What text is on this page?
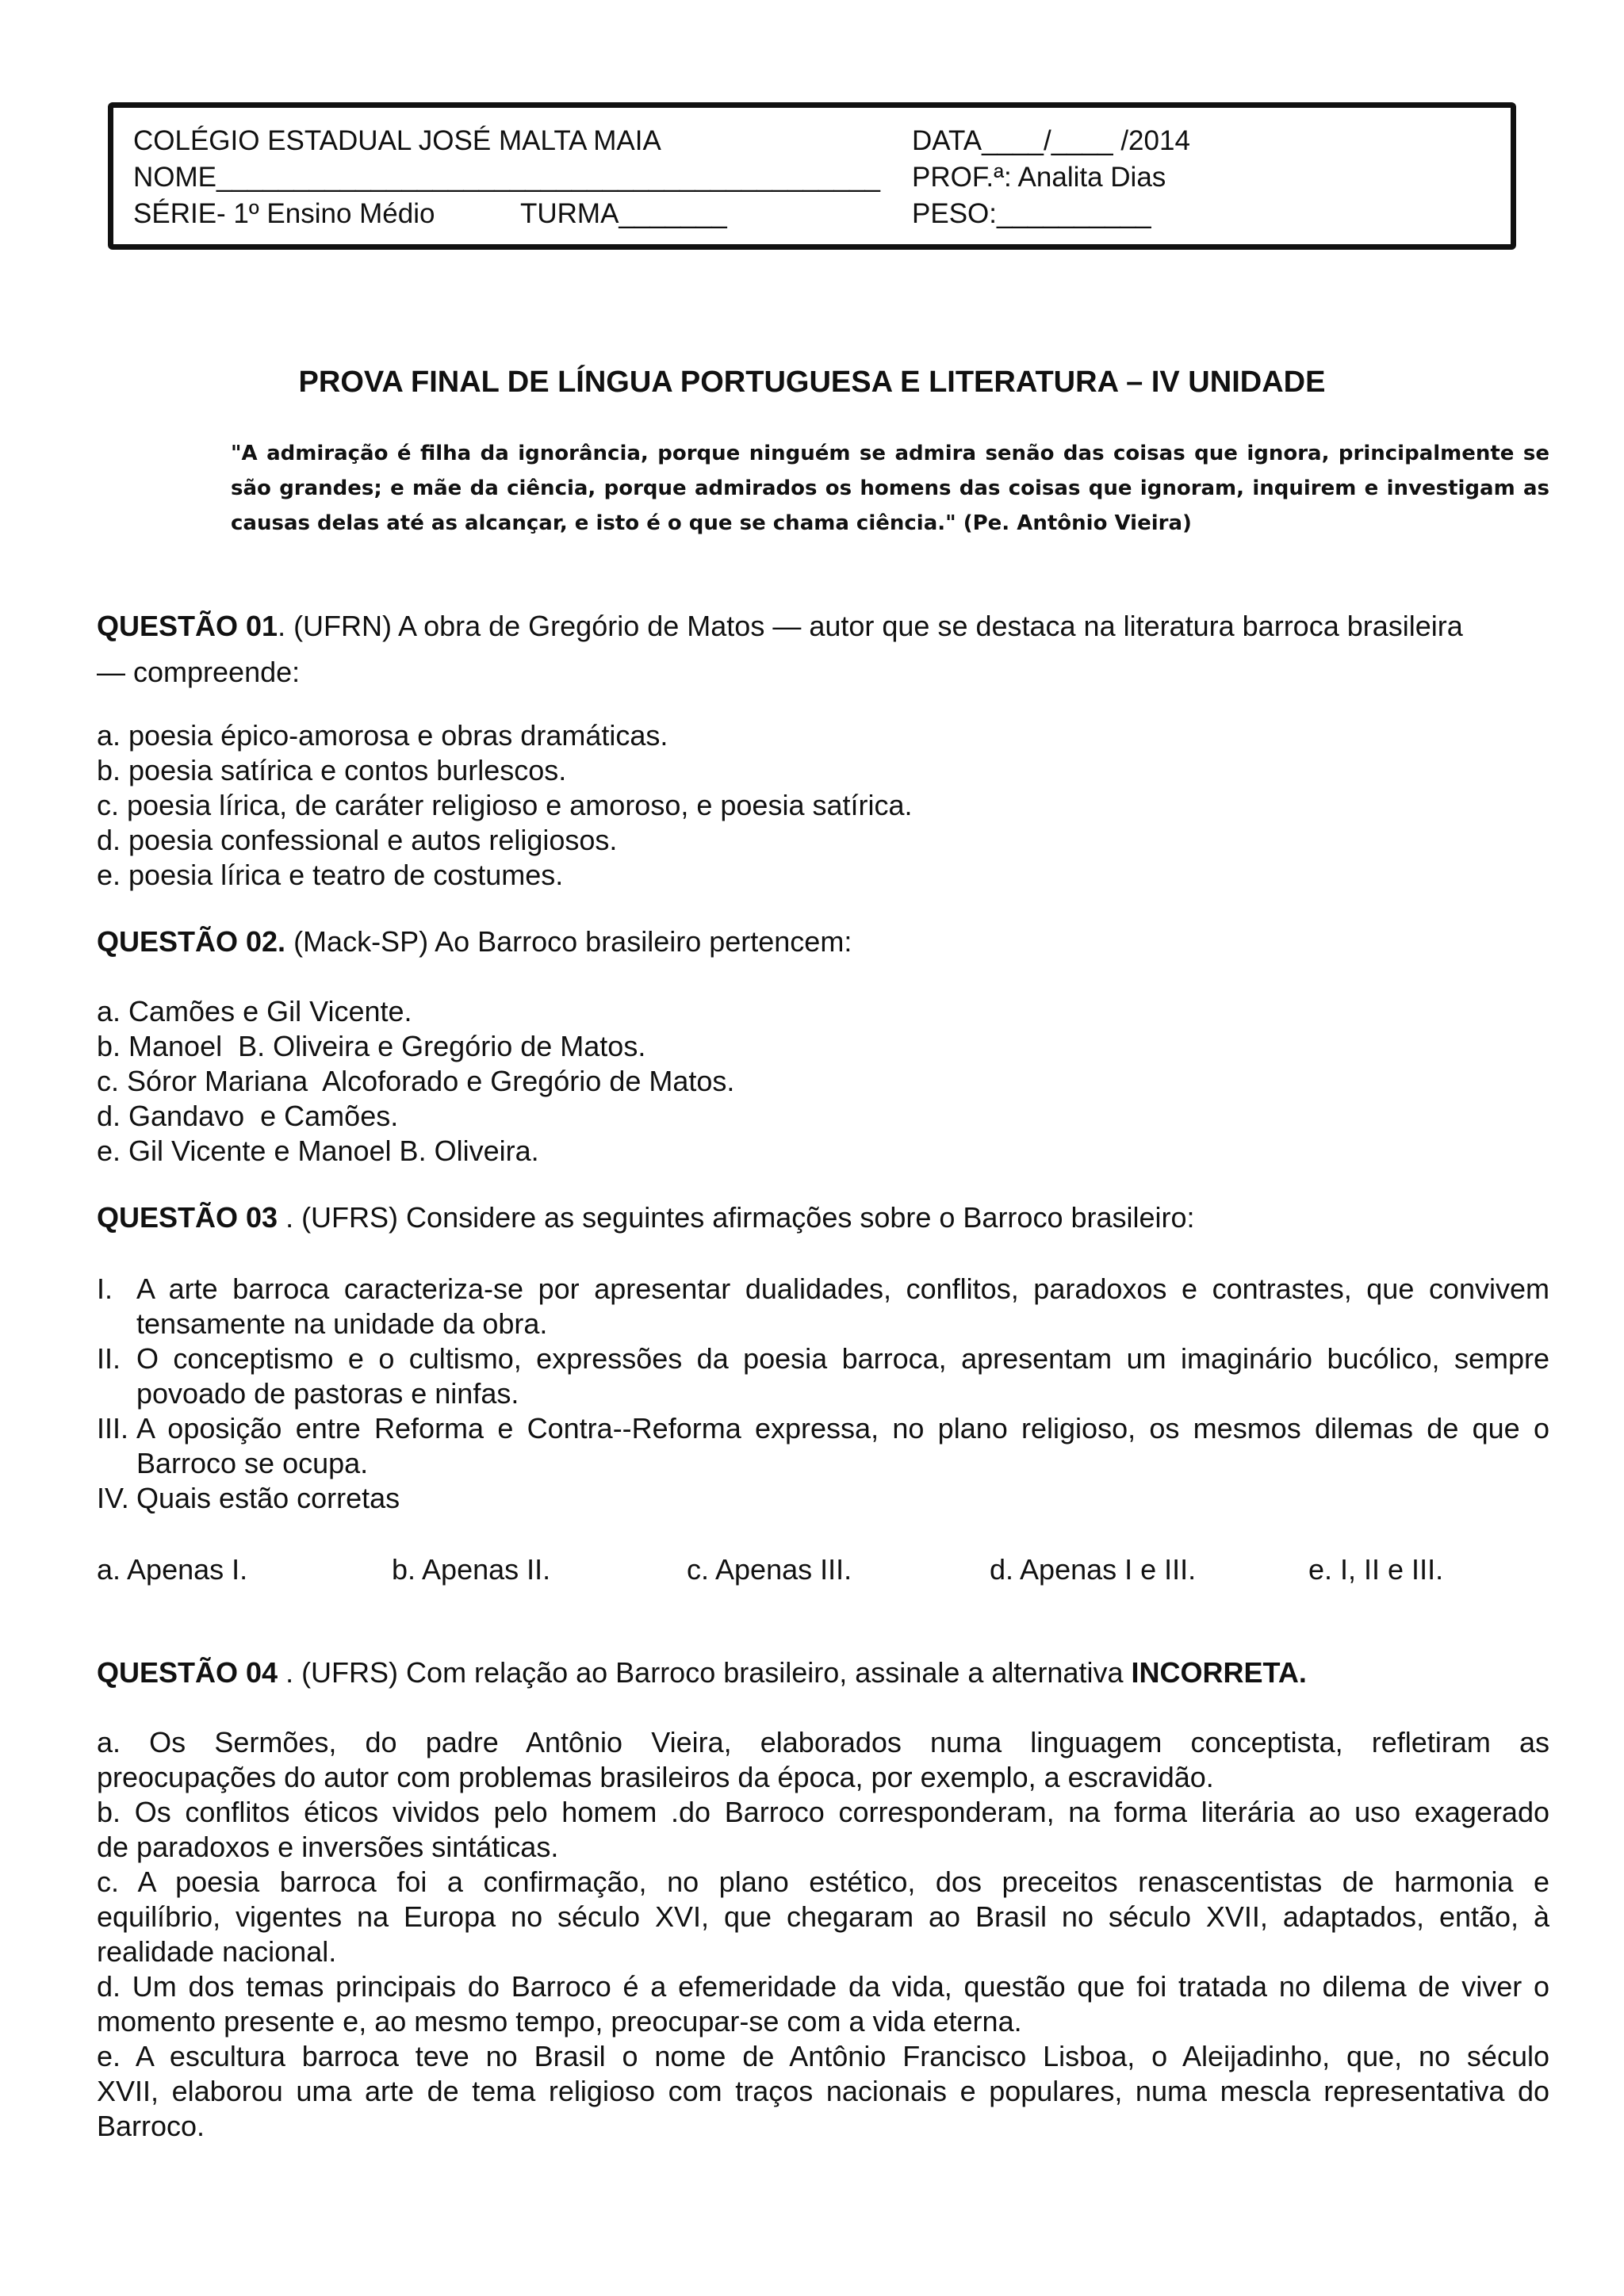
COLÉGIO ESTADUAL JOSÉ MALTA MAIA
NOME___________________________________________
SÉRIE- 1º Ensino Médio	TURMA_______
DATA____/____ /2014
PROF.ª: Analita Dias
PESO:__________
PROVA FINAL DE LÍNGUA PORTUGUESA E LITERATURA – IV UNIDADE
"A admiração é filha da ignorância, porque ninguém se admira senão das coisas que ignora, principalmente se
são grandes; e mãe da ciência, porque admirados os homens das coisas que ignoram, inquirem e investigam as
causas delas até as alcançar, e isto é o que se chama ciência." (Pe. Antônio Vieira)
QUESTÃO 01. (UFRN) A obra de Gregório de Matos — autor que se destaca na literatura barroca brasileira
— compreende:
a. poesia épico-amorosa e obras dramáticas.
b. poesia satírica e contos burlescos.
c. poesia lírica, de caráter religioso e amoroso, e poesia satírica.
d. poesia confessional e autos religiosos.
e. poesia lírica e teatro de costumes.
QUESTÃO 02. (Mack-SP) Ao Barroco brasileiro pertencem:
a. Camões e Gil Vicente.
b. Manoel  B. Oliveira e Gregório de Matos.
c. Sóror Mariana  Alcoforado e Gregório de Matos.
d. Gandavo  e Camões.
e. Gil Vicente e Manoel B. Oliveira.
QUESTÃO 03 . (UFRS) Considere as seguintes afirmações sobre o Barroco brasileiro:
I. A arte barroca caracteriza-se por apresentar dualidades, conflitos, paradoxos e contrastes, que convivem
tensamente na unidade da obra.
II. O conceptismo e o cultismo, expressões da poesia barroca, apresentam um imaginário bucólico, sempre
povoado de pastoras e ninfas.
III. A oposição entre Reforma e Contra--Reforma expressa, no plano religioso, os mesmos dilemas de que o
Barroco se ocupa.
IV. Quais estão corretas
a. Apenas I.	b. Apenas II.	c. Apenas III.	d. Apenas I e III.	e. I, II e III.
QUESTÃO 04 . (UFRS) Com relação ao Barroco brasileiro, assinale a alternativa INCORRETA.
a. Os Sermões, do padre Antônio Vieira, elaborados numa linguagem conceptista, refletiram as
preocupações do autor com problemas brasileiros da época, por exemplo, a escravidão.
b. Os conflitos éticos vividos pelo homem .do Barroco corresponderam, na forma literária ao uso exagerado
de paradoxos e inversões sintáticas.
c. A poesia barroca foi a confirmação, no plano estético, dos preceitos renascentistas de harmonia e
equilíbrio, vigentes na Europa no século XVI, que chegaram ao Brasil no século XVII, adaptados, então, à
realidade nacional.
d. Um dos temas principais do Barroco é a efemeridade da vida, questão que foi tratada no dilema de viver o
momento presente e, ao mesmo tempo, preocupar-se com a vida eterna.
e. A escultura barroca teve no Brasil o nome de Antônio Francisco Lisboa, o Aleijadinho, que, no século
XVII, elaborou uma arte de tema religioso com traços nacionais e populares, numa mescla representativa do
Barroco.
